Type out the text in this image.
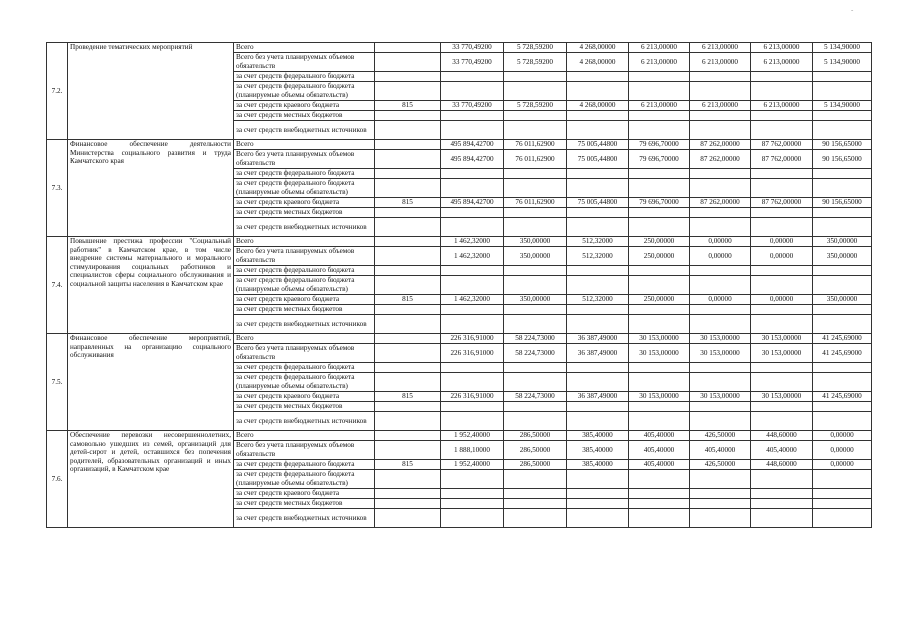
-
7.2.	Проведение тематических мероприятий	Всего		33 770,49200	5 728,59200	4 268,00000	6 213,00000	6 213,00000	6 213,00000	5 134,90000
		Всего без учета планируемых объемов обязательств		33 770,49200	5 728,59200	4 268,00000	6 213,00000	6 213,00000	6 213,00000	5 134,90000
		за счет средств федерального бюджета								
		за счет средств федерального бюджета (планируемые объемы обязательств)								
		за счет средств краевого бюджета	815	33 770,49200	5 728,59200	4 268,00000	6 213,00000	6 213,00000	6 213,00000	5 134,90000
		за счет средств местных бюджетов								
		за счет средств внебюджетных источников								
7.3.	Финансовое обеспечение деятельности Министерства социального развития и труда Камчатского края	Всего		495 894,42700	76 011,62900	75 005,44800	79 696,70000	87 262,00000	87 762,00000	90 156,65000
		Всего без учета планируемых объемов обязательств		495 894,42700	76 011,62900	75 005,44800	79 696,70000	87 262,00000	87 762,00000	90 156,65000
		за счет средств федерального бюджета								
		за счет средств федерального бюджета (планируемые объемы обязательств)								
		за счет средств краевого бюджета	815	495 894,42700	76 011,62900	75 005,44800	79 696,70000	87 262,00000	87 762,00000	90 156,65000
		за счет средств местных бюджетов								
		за счет средств внебюджетных источников								
7.4.	Повышение престижа профессии "Социальный работник" в Камчатском крае, в том числе внедрение системы материального и морального стимулирования социальных работников и специалистов сферы социального обслуживания и социальной защиты населения в Камчатском крае	Всего		1 462,32000	350,00000	512,32000	250,00000	0,00000	0,00000	350,00000
		Всего без учета планируемых объемов обязательств		1 462,32000	350,00000	512,32000	250,00000	0,00000	0,00000	350,00000
		за счет средств федерального бюджета								
		за счет средств федерального бюджета (планируемые объемы обязательств)								
		за счет средств краевого бюджета	815	1 462,32000	350,00000	512,32000	250,00000	0,00000	0,00000	350,00000
		за счет средств местных бюджетов								
		за счет средств внебюджетных источников								
7.5.	Финансовое обеспечение мероприятий, направленных на организацию социального обслуживания	Всего		226 316,91000	58 224,73000	36 387,49000	30 153,00000	30 153,00000	30 153,00000	41 245,69000
		Всего без учета планируемых объемов обязательств		226 316,91000	58 224,73000	36 387,49000	30 153,00000	30 153,00000	30 153,00000	41 245,69000
		за счет средств федерального бюджета								
		за счет средств федерального бюджета (планируемые объемы обязательств)								
		за счет средств краевого бюджета	815	226 316,91000	58 224,73000	36 387,49000	30 153,00000	30 153,00000	30 153,00000	41 245,69000
		за счет средств местных бюджетов								
		за счет средств внебюджетных источников								
7.6.	Обеспечение перевозки несовершеннолетних, самовольно ушедших из семей, организаций для детей-сирот и детей, оставшихся без попечения родителей, образовательных организаций и иных организаций, в Камчатском крае	Всего		1 952,40000	286,50000	385,40000	405,40000	426,50000	448,60000	0,00000
		Всего без учета планируемых объемов обязательств		1 888,10000	286,50000	385,40000	405,40000	405,40000	405,40000	0,00000
		за счет средств федерального бюджета	815	1 952,40000	286,50000	385,40000	405,40000	426,50000	448,60000	0,00000
		за счет средств федерального бюджета (планируемые объемы обязательств)								
		за счет средств краевого бюджета								
		за счет средств местных бюджетов								
		за счет средств внебюджетных источников								
